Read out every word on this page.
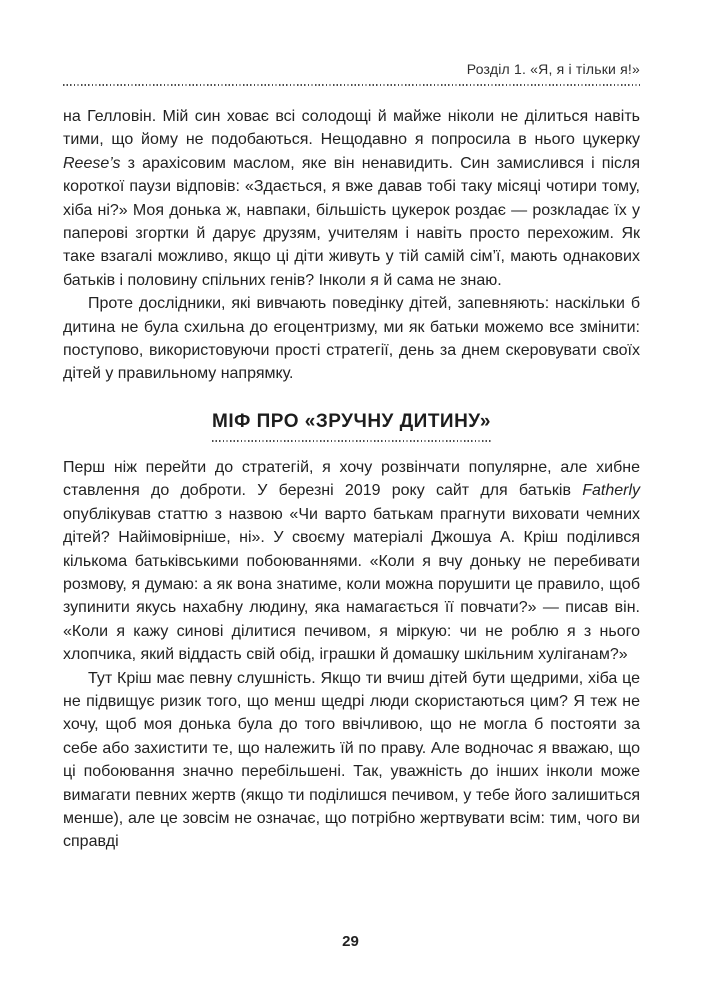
Розділ 1. «Я, я і тільки я!»

на Гелловін. Мій син ховає всі солодощі й майже ніколи не ділиться навіть тими, що йому не подобаються. Нещодавно я попросила в нього цукерку Reese’s з арахісовим маслом, яке він ненавидить. Син замислився і після короткої паузи відповів: «Здається, я вже давав тобі таку місяці чотири тому, хіба ні?» Моя донька ж, навпаки, більшість цукерок роздає — розкладає їх у паперові згортки й дарує друзям, учителям і навіть просто перехожим. Як таке взагалі можливо, якщо ці діти живуть у тій самій сім’ї, мають однакових батьків і половину спільних генів? Інколи я й сама не знаю.

Проте дослідники, які вивчають поведінку дітей, запевняють: наскільки б дитина не була схильна до егоцентризму, ми як батьки можемо все змінити: поступово, використовуючи прості стратегії, день за днем скеровувати своїх дітей у правильному напрямку.

МІФ ПРО «ЗРУЧНУ ДИТИНУ»

Перш ніж перейти до стратегій, я хочу розвінчати популярне, але хибне ставлення до доброти. У березні 2019 року сайт для батьків Fatherly опублікував статтю з назвою «Чи варто батькам прагнути виховати чемних дітей? Найімовірніше, ні». У своєму матеріалі Джошуа А. Кріш поділився кількома батьківськими побоюваннями. «Коли я вчу доньку не перебивати розмову, я думаю: а як вона знатиме, коли можна порушити це правило, щоб зупинити якусь нахабну людину, яка намагається її повчати?» — писав він. «Коли я кажу синові ділитися печивом, я міркую: чи не роблю я з нього хлопчика, який віддасть свій обід, іграшки й домашку шкільним хуліганам?»

Тут Кріш має певну слушність. Якщо ти вчиш дітей бути щедрими, хіба це не підвищує ризик того, що менш щедрі люди скористаються цим? Я теж не хочу, щоб моя донька була до того ввічливою, що не могла б постояти за себе або захистити те, що належить їй по праву. Але водночас я вважаю, що ці побоювання значно перебільшені. Так, уважність до інших інколи може вимагати певних жертв (якщо ти поділишся печивом, у тебе його залишиться менше), але це зовсім не означає, що потрібно жертвувати всім: тим, чого ви справді

29
